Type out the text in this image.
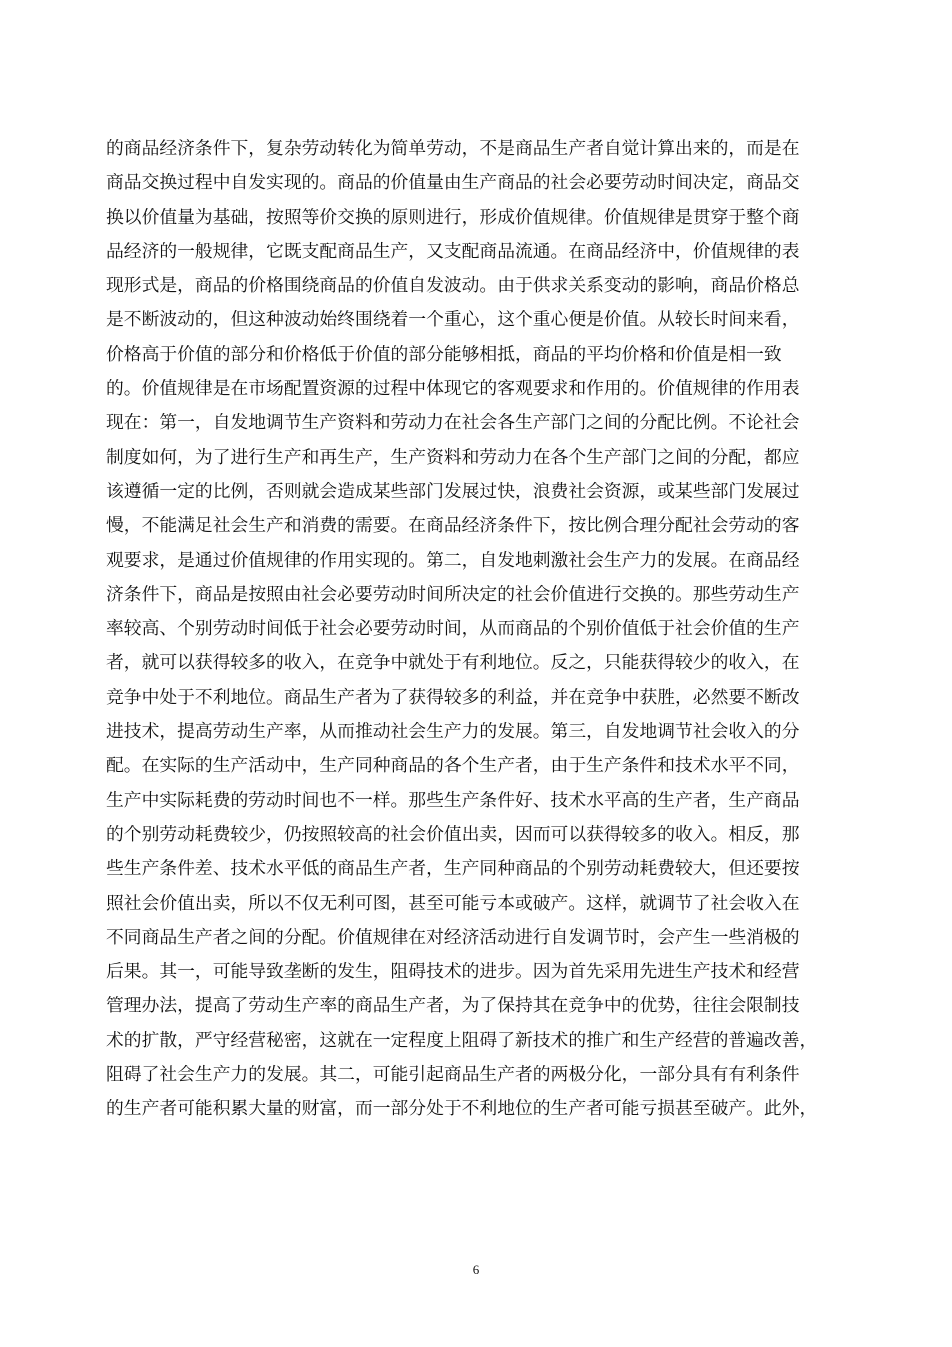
的商品经济条件下，复杂劳动转化为简单劳动，不是商品生产者自觉计算出来的，而是在
商品交换过程中自发实现的。商品的价值量由生产商品的社会必要劳动时间决定，商品交
换以价值量为基础，按照等价交换的原则进行，形成价值规律。价值规律是贯穿于整个商
品经济的一般规律，它既支配商品生产，又支配商品流通。在商品经济中，价值规律的表
现形式是，商品的价格围绕商品的价值自发波动。由于供求关系变动的影响，商品价格总
是不断波动的，但这种波动始终围绕着一个重心，这个重心便是价值。从较长时间来看，
价格高于价值的部分和价格低于价值的部分能够相抵，商品的平均价格和价值是相一致
的。价值规律是在市场配置资源的过程中体现它的客观要求和作用的。价值规律的作用表
现在：第一，自发地调节生产资料和劳动力在社会各生产部门之间的分配比例。不论社会
制度如何，为了进行生产和再生产，生产资料和劳动力在各个生产部门之间的分配，都应
该遵循一定的比例，否则就会造成某些部门发展过快，浪费社会资源，或某些部门发展过
慢，不能满足社会生产和消费的需要。在商品经济条件下，按比例合理分配社会劳动的客
观要求，是通过价值规律的作用实现的。第二，自发地刺激社会生产力的发展。在商品经
济条件下，商品是按照由社会必要劳动时间所决定的社会价值进行交换的。那些劳动生产
率较高、个别劳动时间低于社会必要劳动时间，从而商品的个别价值低于社会价值的生产
者，就可以获得较多的收入，在竞争中就处于有利地位。反之，只能获得较少的收入，在
竞争中处于不利地位。商品生产者为了获得较多的利益，并在竞争中获胜，必然要不断改
进技术，提高劳动生产率，从而推动社会生产力的发展。第三，自发地调节社会收入的分
配。在实际的生产活动中，生产同种商品的各个生产者，由于生产条件和技术水平不同，
生产中实际耗费的劳动时间也不一样。那些生产条件好、技术水平高的生产者，生产商品
的个别劳动耗费较少，仍按照较高的社会价值出卖，因而可以获得较多的收入。相反，那
些生产条件差、技术水平低的商品生产者，生产同种商品的个别劳动耗费较大，但还要按
照社会价值出卖，所以不仅无利可图，甚至可能亏本或破产。这样，就调节了社会收入在
不同商品生产者之间的分配。价值规律在对经济活动进行自发调节时，会产生一些消极的
后果。其一，可能导致垄断的发生，阻碍技术的进步。因为首先采用先进生产技术和经营
管理办法，提高了劳动生产率的商品生产者，为了保持其在竞争中的优势，往往会限制技
术的扩散，严守经营秘密，这就在一定程度上阻碍了新技术的推广和生产经营的普遍改善，
阻碍了社会生产力的发展。其二，可能引起商品生产者的两极分化，一部分具有有利条件
的生产者可能积累大量的财富，而一部分处于不利地位的生产者可能亏损甚至破产。此外，
6
